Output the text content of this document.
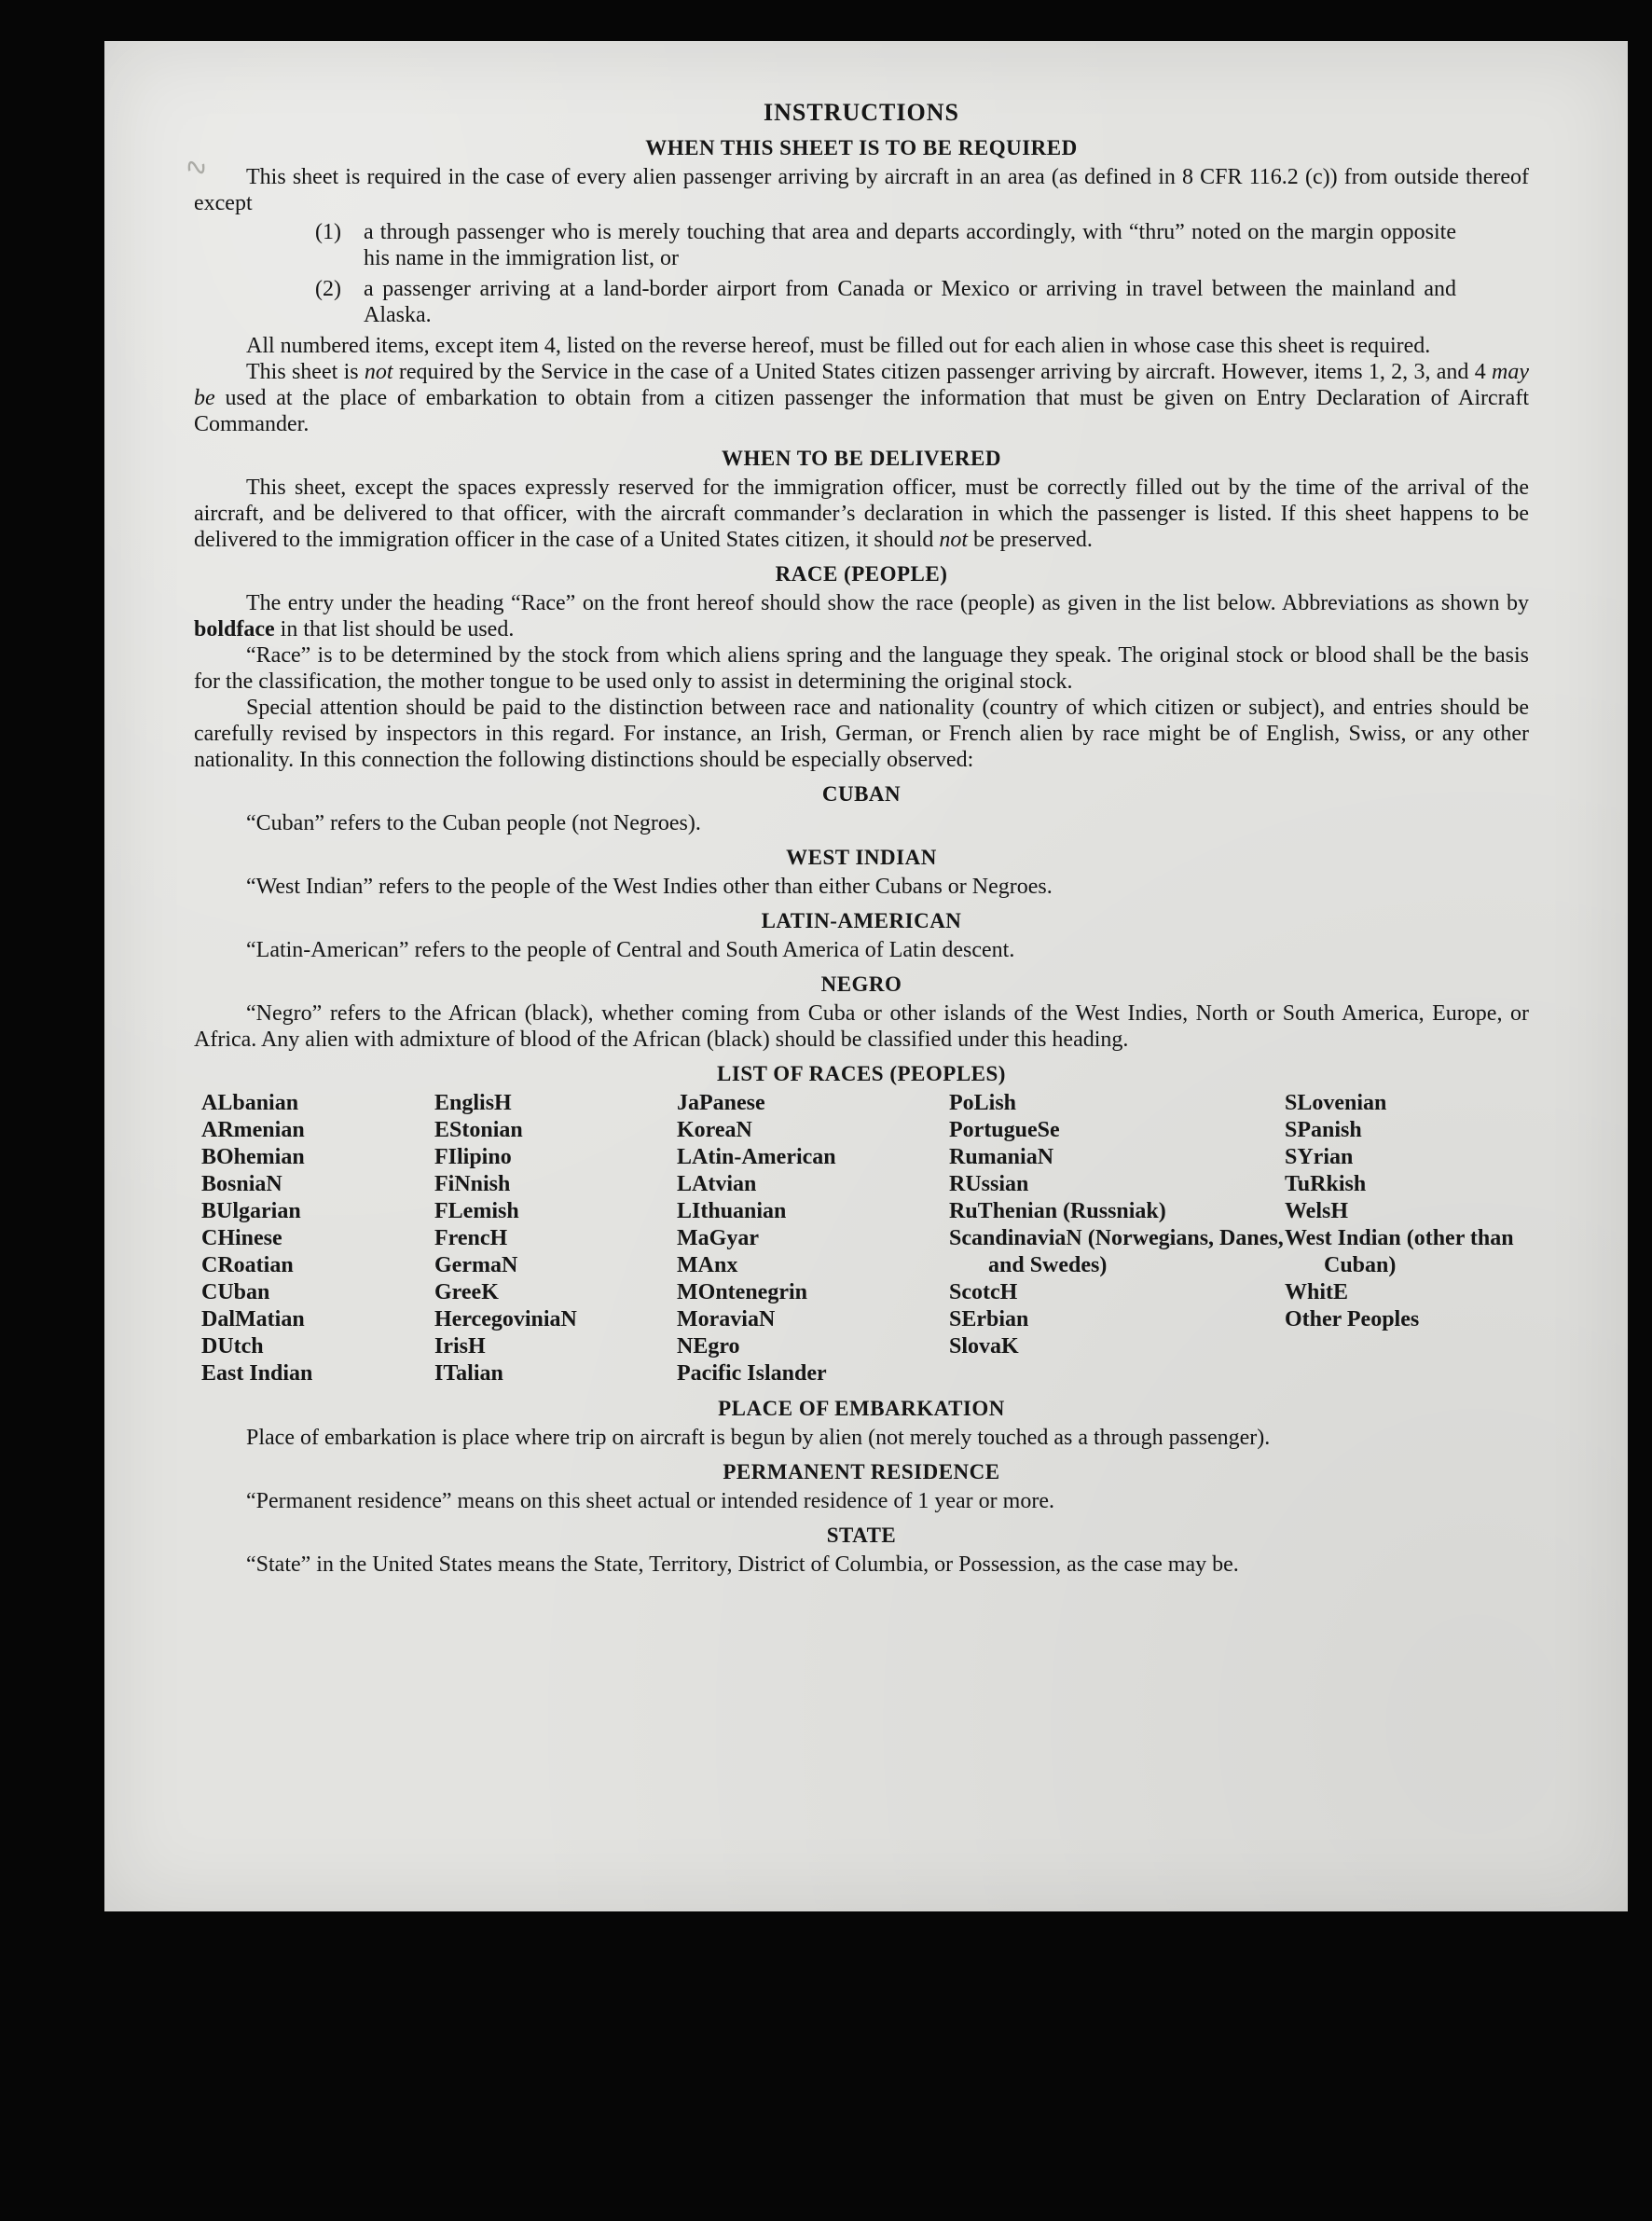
∿
INSTRUCTIONS
WHEN THIS SHEET IS TO BE REQUIRED

This sheet is required in the case of every alien passenger arriving by aircraft in an area (as defined in 8 CFR 116.2 (c)) from outside thereof except

(1)	a through passenger who is merely touching that area and departs accordingly, with “thru” noted on the margin opposite his name in the immigration list, or
(2)	a passenger arriving at a land-border airport from Canada or Mexico or arriving in travel between the mainland and Alaska.

All numbered items, except item 4, listed on the reverse hereof, must be filled out for each alien in whose case this sheet is required.

This sheet is not required by the Service in the case of a United States citizen passenger arriving by aircraft. However, items 1, 2, 3, and 4 may be used at the place of embarkation to obtain from a citizen passenger the information that must be given on Entry Declaration of Aircraft Commander.

WHEN TO BE DELIVERED

This sheet, except the spaces expressly reserved for the immigration officer, must be correctly filled out by the time of the arrival of the aircraft, and be delivered to that officer, with the aircraft commander’s declaration in which the passenger is listed. If this sheet happens to be delivered to the immigration officer in the case of a United States citizen, it should not be preserved.

RACE (PEOPLE)

The entry under the heading “Race” on the front hereof should show the race (people) as given in the list below. Abbreviations as shown by boldface in that list should be used.

“Race” is to be determined by the stock from which aliens spring and the language they speak. The original stock or blood shall be the basis for the classification, the mother tongue to be used only to assist in determining the original stock.

Special attention should be paid to the distinction between race and nationality (country of which citizen or subject), and entries should be carefully revised by inspectors in this regard. For instance, an Irish, German, or French alien by race might be of English, Swiss, or any other nationality. In this connection the following distinctions should be especially observed:

CUBAN

“Cuban” refers to the Cuban people (not Negroes).

WEST INDIAN

“West Indian” refers to the people of the West Indies other than either Cubans or Negroes.

LATIN-AMERICAN

“Latin-American” refers to the people of Central and South America of Latin descent.

NEGRO

“Negro” refers to the African (black), whether coming from Cuba or other islands of the West Indies, North or South America, Europe, or Africa. Any alien with admixture of blood of the African (black) should be classified under this heading.

LIST OF RACES (PEOPLES)
ALbanian
ARmenian
BOhemian
BosniaN
BUlgarian
CHinese
CRoatian
CUban
DalMatian
DUtch
East Indian
EnglisH
EStonian
FIlipino
FiNnish
FLemish
FrencH
GermaN
GreeK
HercegoviniaN
IrisH
ITalian
JaPanese
KoreaN
LAtin-American
LAtvian
LIthuanian
MaGyar
MAnx
MOntenegrin
MoraviaN
NEgro
Pacific Islander
PoLish
PortugueSe
RumaniaN
RUssian
RuThenian (Russniak)
ScandinaviaN (Norwegians, Danes, and Swedes)
ScotcH
SErbian
SlovaK
SLovenian
SPanish
SYrian
TuRkish
WelsH
West Indian (other than Cuban)
WhitE
Other Peoples
PLACE OF EMBARKATION

Place of embarkation is place where trip on aircraft is begun by alien (not merely touched as a through passenger).

PERMANENT RESIDENCE

“Permanent residence” means on this sheet actual or intended residence of 1 year or more.

STATE

“State” in the United States means the State, Territory, District of Columbia, or Possession, as the case may be.
